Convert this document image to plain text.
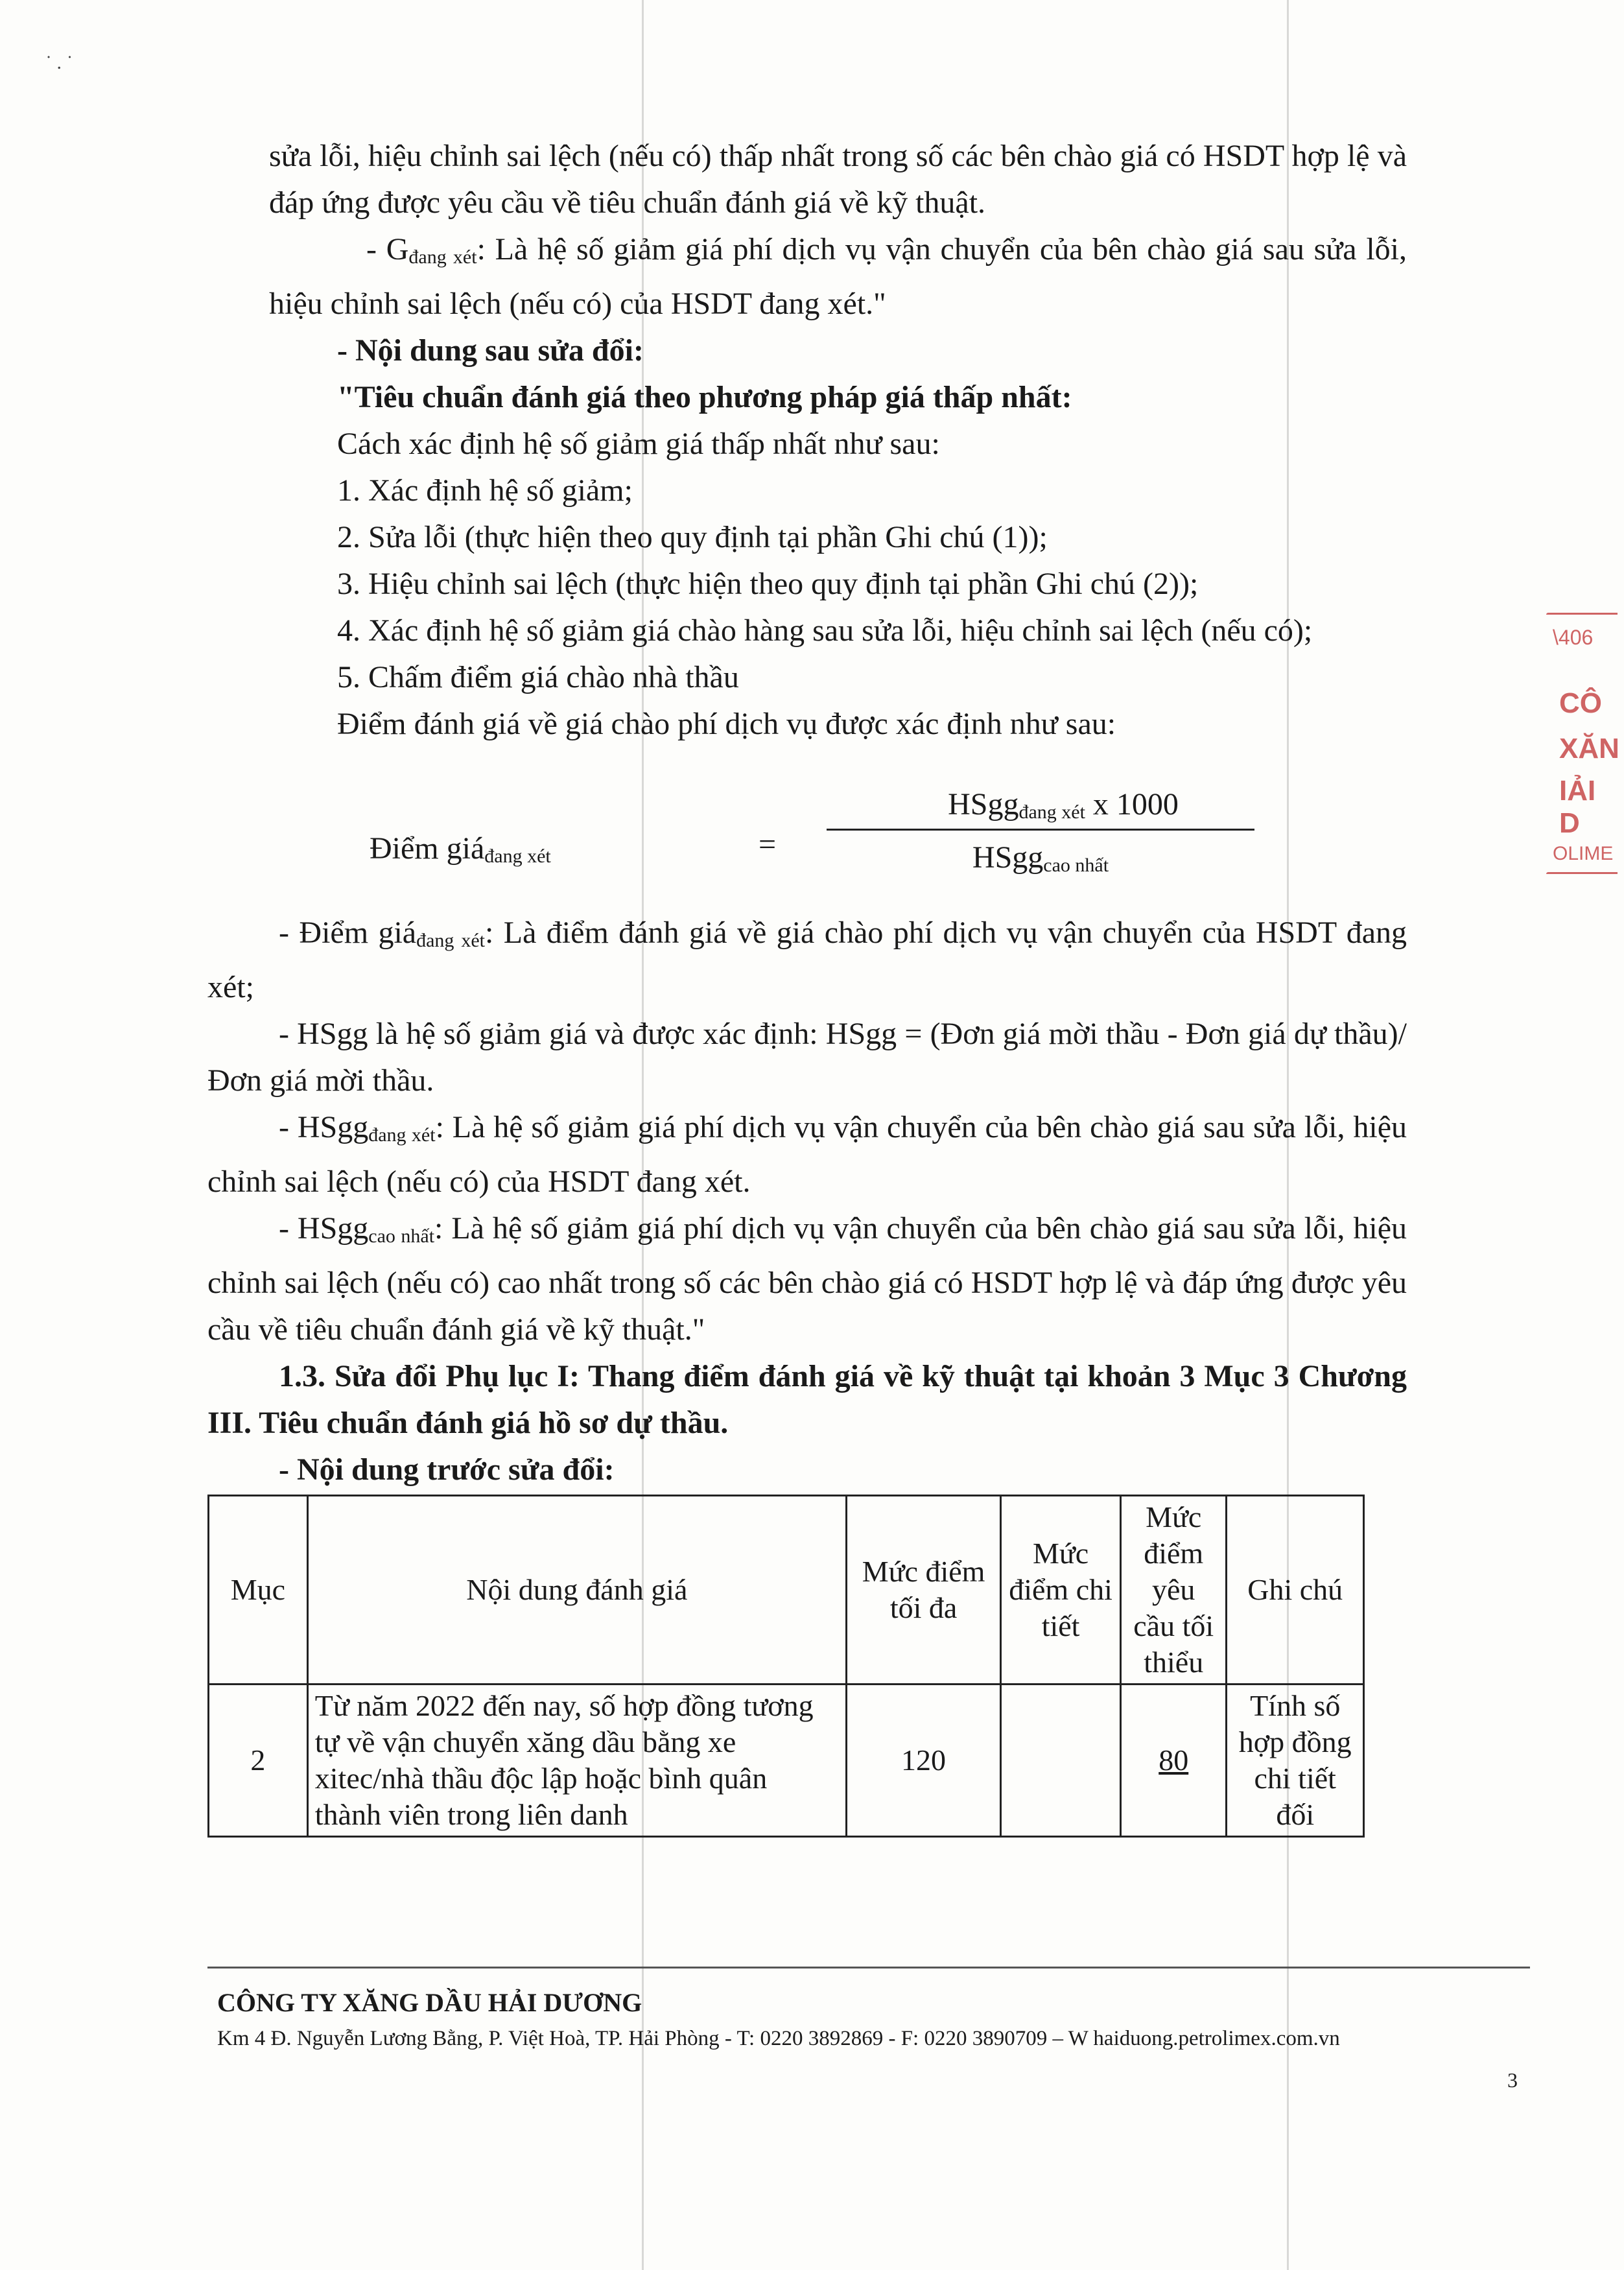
˙ . ˙

sửa lỗi, hiệu chỉnh sai lệch (nếu có) thấp nhất trong số các bên chào giá có HSDT hợp lệ và đáp ứng được yêu cầu về tiêu chuẩn đánh giá về kỹ thuật.

- $G_{đang xét}$: Là hệ số giảm giá phí dịch vụ vận chuyển của bên chào giá sau sửa lỗi, hiệu chỉnh sai lệch (nếu có) của HSDT đang xét."

- Nội dung sau sửa đổi:

"Tiêu chuẩn đánh giá theo phương pháp giá thấp nhất:

Cách xác định hệ số giảm giá thấp nhất như sau:

1. Xác định hệ số giảm;

2. Sửa lỗi (thực hiện theo quy định tại phần Ghi chú (1));

3. Hiệu chỉnh sai lệch (thực hiện theo quy định tại phần Ghi chú (2));

4. Xác định hệ số giảm giá chào hàng sau sửa lỗi, hiệu chỉnh sai lệch (nếu có);

5. Chấm điểm giá chào nhà thầu

Điểm đánh giá về giá chào phí dịch vụ được xác định như sau:

Điểm giá$_{đang xét}$	=
HSgg$_{đang xét}$ x 1000
HSgg$_{cao nhất}$

- Điểm giá$_{đang xét}$: Là điểm đánh giá về giá chào phí dịch vụ vận chuyển của HSDT đang xét;

- HSgg là hệ số giảm giá và được xác định: HSgg = (Đơn giá mời thầu - Đơn giá dự thầu)/Đơn giá mời thầu.

- HSgg$_{đang xét}$: Là hệ số giảm giá phí dịch vụ vận chuyển của bên chào giá sau sửa lỗi, hiệu chỉnh sai lệch (nếu có) của HSDT đang xét.

- HSgg$_{cao nhất}$: Là hệ số giảm giá phí dịch vụ vận chuyển của bên chào giá sau sửa lỗi, hiệu chỉnh sai lệch (nếu có) cao nhất trong số các bên chào giá có HSDT hợp lệ và đáp ứng được yêu cầu về tiêu chuẩn đánh giá về kỹ thuật."

1.3. Sửa đổi Phụ lục I: Thang điểm đánh giá về kỹ thuật tại khoản 3 Mục 3 Chương III. Tiêu chuẩn đánh giá hồ sơ dự thầu.

- Nội dung trước sửa đổi:

Mục	Nội dung đánh giá	Mức điểm tối đa	Mức điểm chi tiết	Mức điểm yêu cầu tối thiểu	Ghi chú
2	Từ năm 2022 đến nay, số hợp đồng tương tự về vận chuyển xăng dầu bằng xe xitec/nhà thầu độc lập hoặc bình quân thành viên trong liên danh	120		80	Tính số hợp đồng chi tiết đối
CÔNG TY XĂNG DẦU HẢI DƯƠNG
Km 4 Đ. Nguyễn Lương Bằng, P. Việt Hoà, TP. Hải Phòng - T: 0220 3892869 - F: 0220 3890709 – W haiduong.petrolimex.com.vn
3
\406
CÔ
XĂN
IẢI D
OLIME
